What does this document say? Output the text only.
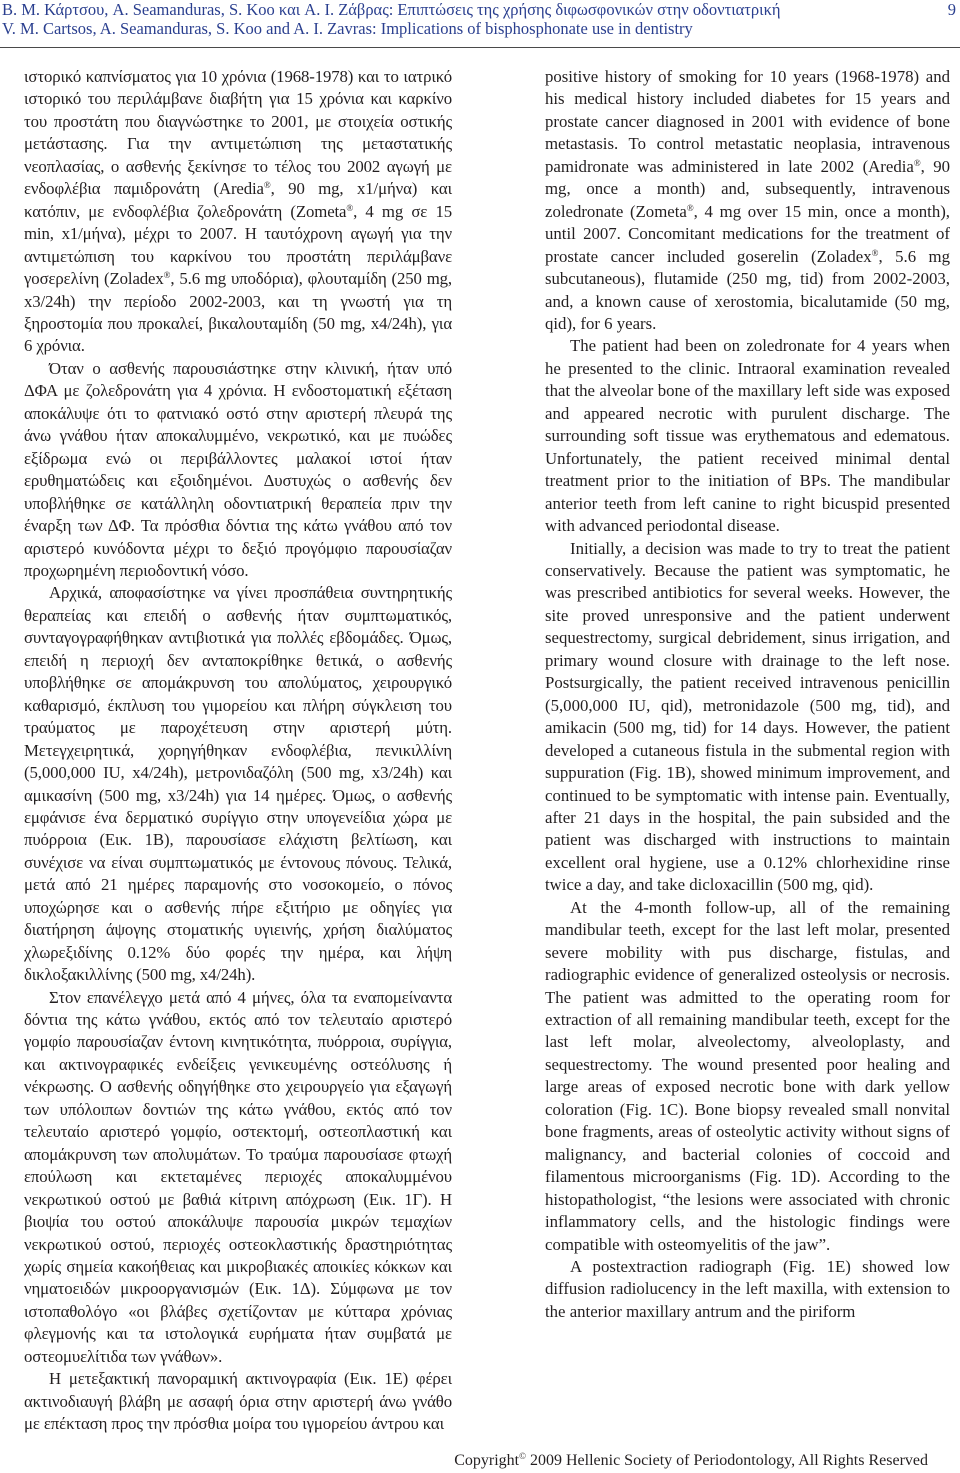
B. M. Κάρτσου, A. Seamanduras, S. Koo και A. I. Ζάβρας: Επιπτώσεις της χρήσης διφωσφονικών στην οδοντιατρική
V. M. Cartsos, A. Seamanduras, S. Koo and A. I. Zavras: Implications of bisphosphonate use in dentistry
9

ιστορικό καπνίσματος για 10 χρόνια (1968-1978) και το ιατρικό ιστορικό του περιλάμβανε διαβήτη για 15 χρόνια και καρκίνο του προστάτη που διαγνώστηκε το 2001, με στοιχεία οστικής μετάστασης. Για την αντιμετώπιση της μεταστατικής νεοπλασίας, ο ασθενής ξεκίνησε το τέλος του 2002 αγωγή με ενδοφλέβια παμιδρονάτη (Aredia®, 90 mg, x1/μήνα) και κατόπιν, με ενδοφλέβια ζολεδρονάτη (Zometa®, 4 mg σε 15 min, x1/μήνα), μέχρι το 2007. Η ταυτόχρονη αγωγή για την αντιμετώπιση του καρκίνου του προστάτη περιλάμβανε γοσερελίνη (Zoladex®, 5.6 mg υποδόρια), φλουταμίδη (250 mg, x3/24h) την περίοδο 2002-2003, και τη γνωστή για τη ξηροστομία που προκαλεί, βικαλουταμίδη (50 mg, x4/24h), για 6 χρόνια.

Όταν ο ασθενής παρουσιάστηκε στην κλινική, ήταν υπό ΔΦΑ με ζολεδρονάτη για 4 χρόνια. Η ενδοστοματική εξέταση αποκάλυψε ότι το φατνιακό οστό στην αριστερή πλευρά της άνω γνάθου ήταν αποκαλυμμένο, νεκρωτικό, και με πυώδες εξίδρωμα ενώ οι περιβάλλοντες μαλακοί ιστοί ήταν ερυθηματώδεις και εξοιδημένοι. Δυστυχώς ο ασθενής δεν υποβλήθηκε σε κατάλληλη οδοντιατρική θεραπεία πριν την έναρξη των ΔΦ. Τα πρόσθια δόντια της κάτω γνάθου από τον αριστερό κυνόδοντα μέχρι το δεξιό προγόμφιο παρουσίαζαν προχωρημένη περιοδοντική νόσο.

Αρχικά, αποφασίστηκε να γίνει προσπάθεια συντηρητικής θεραπείας και επειδή ο ασθενής ήταν συμπτωματικός, συνταγογραφήθηκαν αντιβιοτικά για πολλές εβδομάδες. Όμως, επειδή η περιοχή δεν ανταποκρίθηκε θετικά, ο ασθενής υποβλήθηκε σε απομάκρυνση του απολύματος, χειρουργικό καθαρισμό, έκπλυση του γιμορείου και πλήρη σύγκλειση του τραύματος με παροχέτευση στην αριστερή μύτη. Μετεγχειρητικά, χορηγήθηκαν ενδοφλέβια, πενικιλλίνη (5,000,000 IU, x4/24h), μετρονιδαζόλη (500 mg, x3/24h) και αμικασίνη (500 mg, x3/24h) για 14 ημέρες. Όμως, ο ασθενής εμφάνισε ένα δερματικό συρίγγιο στην υπογενείδια χώρα με πυόρροια (Εικ. 1Β), παρουσίασε ελάχιστη βελτίωση, και συνέχισε να είναι συμπτωματικός με έντονους πόνους. Τελικά, μετά από 21 ημέρες παραμονής στο νοσοκομείο, ο πόνος υποχώρησε και ο ασθενής πήρε εξιτήριο με οδηγίες για διατήρηση άψογης στοματικής υγιεινής, χρήση διαλύματος χλωρεξιδίνης 0.12% δύο φορές την ημέρα, και λήψη δικλοξακιλλίνης (500 mg, x4/24h).

Στον επανέλεγχο μετά από 4 μήνες, όλα τα εναπομείναντα δόντια της κάτω γνάθου, εκτός από τον τελευταίο αριστερό γομφίο παρουσίαζαν έντονη κινητικότητα, πυόρροια, συρίγγια, και ακτινογραφικές ενδείξεις γενικευμένης οστεόλυσης ή νέκρωσης. Ο ασθενής οδηγήθηκε στο χειρουργείο για εξαγωγή των υπόλοιπων δοντιών της κάτω γνάθου, εκτός από τον τελευταίο αριστερό γομφίο, οστεκτομή, οστεοπλαστική και απομάκρυνση των απολυμάτων. Το τραύμα παρουσίασε φτωχή επούλωση και εκτεταμένες περιοχές αποκαλυμμένου νεκρωτικού οστού με βαθιά κίτρινη απόχρωση (Εικ. 1Γ). Η βιοψία του οστού αποκάλυψε παρουσία μικρών τεμαχίων νεκρωτικού οστού, περιοχές οστεοκλαστικής δραστηριότητας χωρίς σημεία κακοήθειας και μικροβιακές αποικίες κόκκων και νηματοειδών μικροοργανισμών (Εικ. 1Δ). Σύμφωνα με τον ιστοπαθολόγο «οι βλάβες σχετίζονταν με κύτταρα χρόνιας φλεγμονής και τα ιστολογικά ευρήματα ήταν συμβατά με οστεομυελίτιδα των γνάθων».

Η μετεξακτική πανοραμική ακτινογραφία (Εικ. 1Ε) φέρει ακτινοδιαυγή βλάβη με ασαφή όρια στην αριστερή άνω γνάθο με επέκταση προς την πρόσθια μοίρα του ιγμορείου άντρου και

positive history of smoking for 10 years (1968-1978) and his medical history included diabetes for 15 years and prostate cancer diagnosed in 2001 with evidence of bone metastasis. To control metastatic neoplasia, intravenous pamidronate was administered in late 2002 (Aredia®, 90 mg, once a month) and, subsequently, intravenous zoledronate (Zometa®, 4 mg over 15 min, once a month), until 2007. Concomitant medications for the treatment of prostate cancer included goserelin (Zoladex®, 5.6 mg subcutaneous), flutamide (250 mg, tid) from 2002-2003, and, a known cause of xerostomia, bicalutamide (50 mg, qid), for 6 years.

The patient had been on zoledronate for 4 years when he presented to the clinic. Intraoral examination revealed that the alveolar bone of the maxillary left side was exposed and appeared necrotic with purulent discharge. The surrounding soft tissue was erythematous and edematous. Unfortunately, the patient received minimal dental treatment prior to the initiation of BPs. The mandibular anterior teeth from left canine to right bicuspid presented with advanced periodontal disease.

Initially, a decision was made to try to treat the patient conservatively. Because the patient was symptomatic, he was prescribed antibiotics for several weeks. However, the site proved unresponsive and the patient underwent sequestrectomy, surgical debridement, sinus irrigation, and primary wound closure with drainage to the left nose. Postsurgically, the patient received intravenous penicillin (5,000,000 IU, qid), metronidazole (500 mg, tid), and amikacin (500 mg, tid) for 14 days. However, the patient developed a cutaneous fistula in the submental region with suppuration (Fig. 1B), showed minimum improvement, and continued to be symptomatic with intense pain. Eventually, after 21 days in the hospital, the pain subsided and the patient was discharged with instructions to maintain excellent oral hygiene, use a 0.12% chlorhexidine rinse twice a day, and take dicloxacillin (500 mg, qid).

At the 4-month follow-up, all of the remaining mandibular teeth, except for the last left molar, presented severe mobility with pus discharge, fistulas, and radiographic evidence of generalized osteolysis or necrosis. The patient was admitted to the operating room for extraction of all remaining mandibular teeth, except for the last left molar, alveolectomy, alveoloplasty, and sequestrectomy. The wound presented poor healing and large areas of exposed necrotic bone with dark yellow coloration (Fig. 1C). Bone biopsy revealed small nonvital bone fragments, areas of osteolytic activity without signs of malignancy, and bacterial colonies of coccoid and filamentous microorganisms (Fig. 1D). According to the histopathologist, “the lesions were associated with chronic inflammatory cells, and the histologic findings were compatible with osteomyelitis of the jaw”.

A postextraction radiograph (Fig. 1E) showed low diffusion radiolucency in the left maxilla, with extension to the anterior maxillary antrum and the piriform

Copyright© 2009 Hellenic Society of Periodontology, All Rights Reserved
